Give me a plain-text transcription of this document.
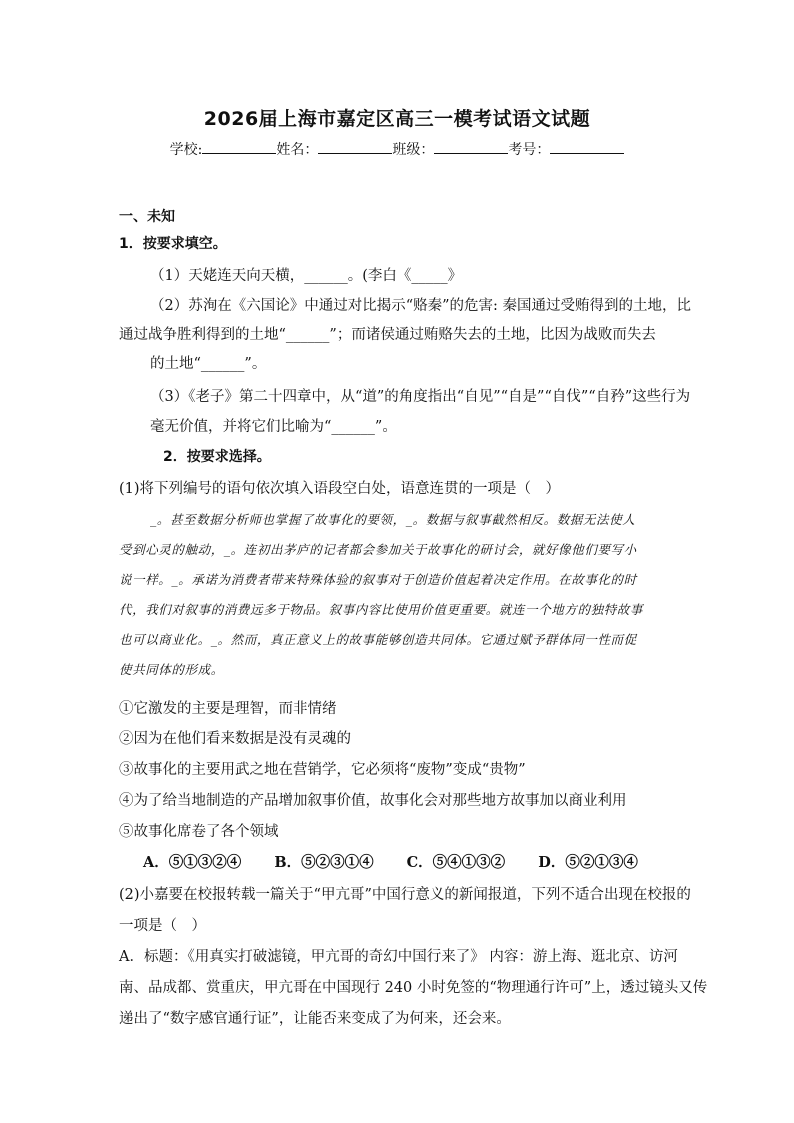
2026届上海市嘉定区高三一模考试语文试题
学校:	姓名：	班级：	考号：
一、未知
1．按要求填空。
（1）天姥连天向天横，______。(李白《_____》
（2）苏洵在《六国论》中通过对比揭示“赂秦”的危害: 秦国通过受贿得到的土地，比
通过战争胜利得到的土地“______”；而诸侯通过贿赂失去的土地，比因为战败而失去
的土地“______”。
（3）《老子》第二十四章中，从“道”的角度指出“自见”“自是”“自伐”“自矜”这些行为
毫无价值，并将它们比喻为“______”。
2．按要求选择。
(1)将下列编号的语句依次填入语段空白处，语意连贯的一项是（　）
_。甚至数据分析师也掌握了故事化的要领，_。数据与叙事截然相反。数据无法使人
受到心灵的触动，_。连初出茅庐的记者都会参加关于故事化的研讨会，就好像他们要写小
说一样。_。承诺为消费者带来特殊体验的叙事对于创造价值起着决定作用。在故事化的时
代，我们对叙事的消费远多于物品。叙事内容比使用价值更重要。就连一个地方的独特故事
也可以商业化。_。然而，真正意义上的故事能够创造共同体。它通过赋予群体同一性而促
使共同体的形成。
①它激发的主要是理智，而非情绪
②因为在他们看来数据是没有灵魂的
③故事化的主要用武之地在营销学，它必须将“废物”变成“贵物”
④为了给当地制造的产品增加叙事价值，故事化会对那些地方故事加以商业利用
⑤故事化席卷了各个领域
A．⑤①③②④ B．⑤②③①④ C．⑤④①③② D．⑤②①③④
(2)小嘉要在校报转载一篇关于“甲亢哥”中国行意义的新闻报道，下列不适合出现在校报的
一项是（　）
A．标题：《用真实打破滤镜，甲亢哥的奇幻中国行来了》 内容：游上海、逛北京、访河
南、品成都、赏重庆，甲亢哥在中国现行 240 小时免签的“物理通行许可”上，透过镜头又传
递出了“数字感官通行证”，让能否来变成了为何来，还会来。
